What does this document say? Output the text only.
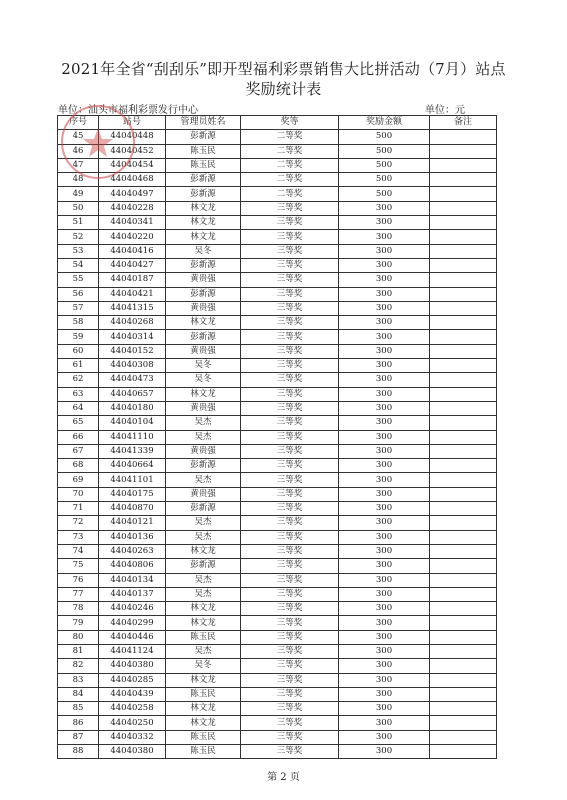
2021年全省“刮刮乐”即开型福利彩票销售大比拼活动（7月）站点
奖励统计表
单位：汕头市福利彩票发行中心	单位：元
序号	站号	管理员姓名	奖等	奖励金额	备注
45	44040448	彭新源	二等奖	500	
46	44040452	陈玉民	二等奖	500	
47	44040454	陈玉民	二等奖	500	
48	44040468	彭新源	二等奖	500	
49	44040497	彭新源	二等奖	500	
50	44040228	林文龙	三等奖	300	
51	44040341	林文龙	三等奖	300	
52	44040220	林文龙	三等奖	300	
53	44040416	吴冬	三等奖	300	
54	44040427	彭新源	三等奖	300	
55	44040187	黄贵强	三等奖	300	
56	44040421	彭新源	三等奖	300	
57	44041315	黄贵强	三等奖	300	
58	44040268	林文龙	三等奖	300	
59	44040314	彭新源	三等奖	300	
60	44040152	黄贵强	三等奖	300	
61	44040308	吴冬	三等奖	300	
62	44040473	吴冬	三等奖	300	
63	44040657	林文龙	三等奖	300	
64	44040180	黄贵强	三等奖	300	
65	44040104	吴杰	三等奖	300	
66	44041110	吴杰	三等奖	300	
67	44041339	黄贵强	三等奖	300	
68	44040664	彭新源	三等奖	300	
69	44041101	吴杰	三等奖	300	
70	44040175	黄贵强	三等奖	300	
71	44040870	彭新源	三等奖	300	
72	44040121	吴杰	三等奖	300	
73	44040136	吴杰	三等奖	300	
74	44040263	林文龙	三等奖	300	
75	44040806	彭新源	三等奖	300	
76	44040134	吴杰	三等奖	300	
77	44040137	吴杰	三等奖	300	
78	44040246	林文龙	三等奖	300	
79	44040299	林文龙	三等奖	300	
80	44040446	陈玉民	三等奖	300	
81	44041124	吴杰	三等奖	300	
82	44040380	吴冬	三等奖	300	
83	44040285	林文龙	三等奖	300	
84	44040439	陈玉民	三等奖	300	
85	44040258	林文龙	三等奖	300	
86	44040250	林文龙	三等奖	300	
87	44040332	陈玉民	三等奖	300	
88	44040380	陈玉民	三等奖	300	
第 2 页
